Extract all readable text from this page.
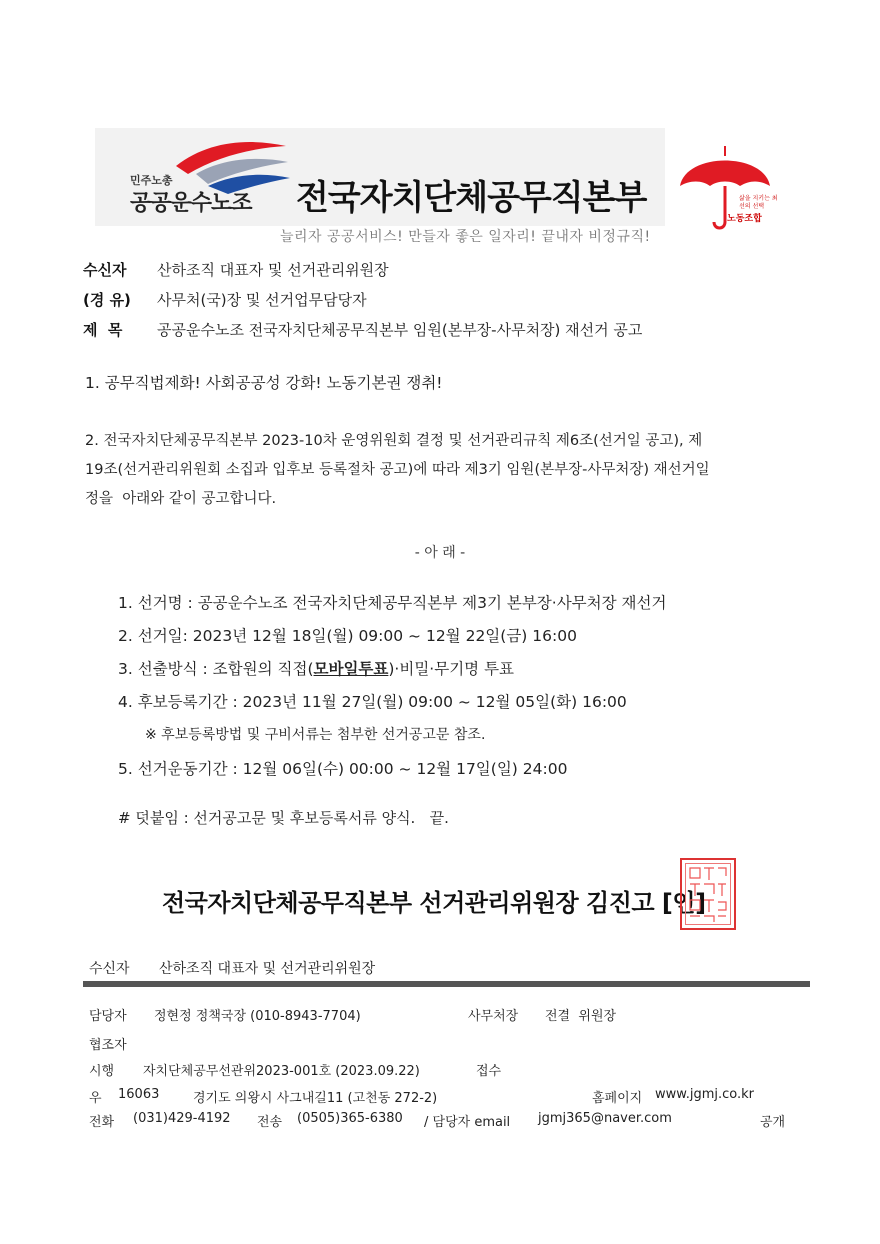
민주노총
공공운수노조 전국자치단체공무직본부
늘리자 공공서비스! 만들자 좋은 일자리! 끝내자 비정규직!
삶을 지키는 최선의 선택
노동조합
수신자 산하조직 대표자 및 선거관리위원장
(경 유) 사무처(국)장 및 선거업무담당자
제  목 공공운수노조 전국자치단체공무직본부 임원(본부장-사무처장) 재선거 공고
1. 공무직법제화! 사회공공성 강화! 노동기본권 쟁취!
2. 전국자치단체공무직본부 2023-10차 운영위원회 결정 및 선거관리규칙 제6조(선거일 공고), 제
19조(선거관리위원회 소집과 입후보 등록절차 공고)에 따라 제3기 임원(본부장-사무처장) 재선거일
정을  아래와 같이 공고합니다.
- 아 래 -
1. 선거명 : 공공운수노조 전국자치단체공무직본부 제3기 본부장·사무처장 재선거
2. 선거일: 2023년 12월 18일(월) 09:00 ~ 12월 22일(금) 16:00
3. 선출방식 : 조합원의 직접(모바일투표)·비밀·무기명 투표
4. 후보등록기간 : 2023년 11월 27일(월) 09:00 ~ 12월 05일(화) 16:00
※ 후보등록방법 및 구비서류는 첨부한 선거공고문 참조.
5. 선거운동기간 : 12월 06일(수) 00:00 ~ 12월 17일(일) 24:00
# 덧붙임 : 선거공고문 및 후보등록서류 양식.   끝.
전국자치단체공무직본부 선거관리위원장 김진고 [인]
수신자 산하조직 대표자 및 선거관리위원장
담당자 정현정 정책국장 (010-8943-7704)	사무처장 전결  위원장
협조자
시행 자치단체공무선관위2023-001호 (2023.09.22)	접수
우 16063	경기도 의왕시 사그내길11 (고천동 272-2)	홈페이지 www.jgmj.co.kr
전화 (031)429-4192 전송 (0505)365-6380 / 담당자 email jgmj365@naver.com	공개
